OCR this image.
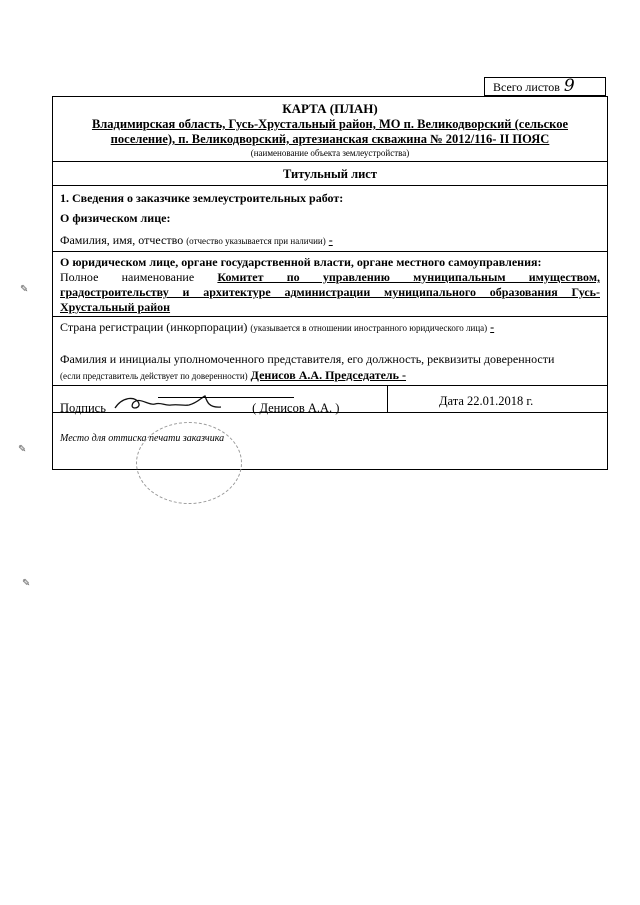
Всего листов 9
КАРТА (ПЛАН)
Владимирская область, Гусь-Хрустальный район, МО п. Великодворский (сельское
поселение), п. Великодворский, артезианская скважина № 2012/116- II ПОЯС
(наименование объекта землеустройства)
Титульный лист
1. Сведения о заказчике землеустроительных работ:
О физическом лице:
Фамилия, имя, отчество (отчество указывается при наличии) -
О юридическом лице, органе государственной власти, органе местного самоуправления:
Полное наименование Комитет по управлению муниципальным имуществом,
градостроительству и архитектуре администрации муниципального образования Гусь-
Хрустальный район
Страна регистрации (инкорпорации) (указывается в отношении иностранного юридического лица) -
Фамилия и инициалы уполномоченного представителя, его должность, реквизиты доверенности
(если представитель действует по доверенности) Денисов А.А. Председатель -
Подпись	( Денисов А.А. )	Дата 22.01.2018 г.
Место для оттиска печати заказчика
✎
✎
✎
